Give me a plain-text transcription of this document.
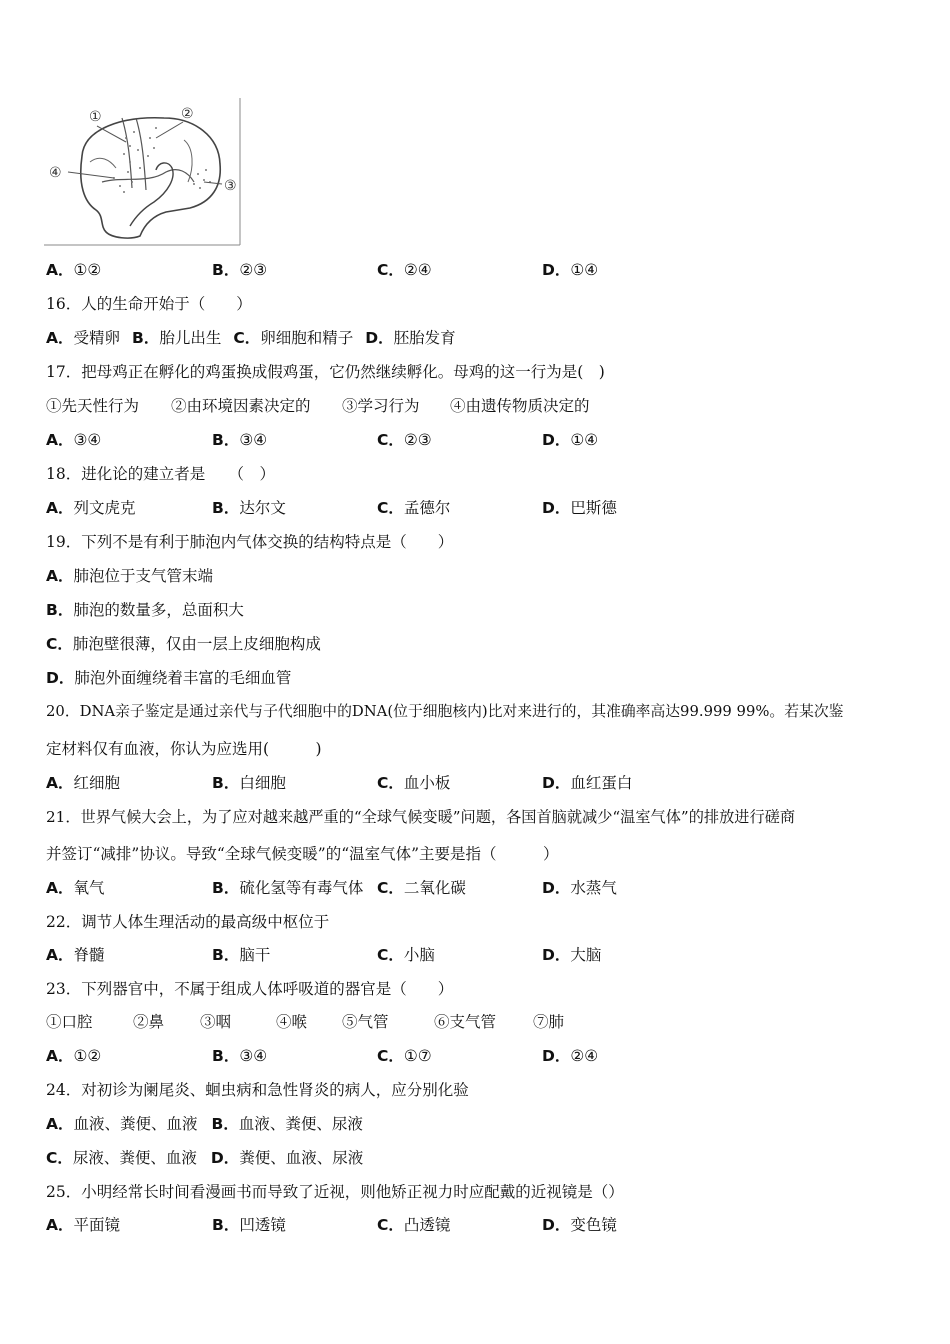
①	②
③
④
A．①②	B．②③	C．②④	D．①④
16．人的生命开始于（　　）
A．受精卵 B．胎儿出生 C．卵细胞和精子 D．胚胎发育
17．把母鸡正在孵化的鸡蛋换成假鸡蛋，它仍然继续孵化。母鸡的这一行为是(　)
①先天性行为 ②由环境因素决定的 ③学习行为 ④由遗传物质决定的
A．③④	B．③④	C．②③	D．①④
18．进化论的建立者是　　（　）
A．列文虎克	B．达尔文	C．孟德尔	D．巴斯德
19．下列不是有利于肺泡内气体交换的结构特点是（　　）
A．肺泡位于支气管末端
B．肺泡的数量多，总面积大
C．肺泡壁很薄，仅由一层上皮细胞构成
D．肺泡外面缠绕着丰富的毛细血管
20．DNA亲子鉴定是通过亲代与子代细胞中的DNA(位于细胞核内)比对来进行的，其准确率高达99.999 99%。若某次鉴
定材料仅有血液，你认为应选用(　　　)
A．红细胞	B．白细胞	C．血小板	D．血红蛋白
21．世界气候大会上，为了应对越来越严重的“全球气候变暖”问题，各国首脑就减少“温室气体”的排放进行磋商
并签订“减排”协议。导致“全球气候变暖”的“温室气体”主要是指（　　　）
A．氧气	B．硫化氢等有毒气体 C．二氧化碳	D．水蒸气
22．调节人体生理活动的最高级中枢位于
A．脊髓	B．脑干	C．小脑	D．大脑
23．下列器官中，不属于组成人体呼吸道的器官是（　　）
①口腔	②鼻 ③咽	④喉 ⑤气管	⑥支气管 ⑦肺
A．①②	B．③④	C．①⑦	D．②④
24．对初诊为阑尾炎、蛔虫病和急性肾炎的病人，应分别化验
A．血液、粪便、血液 B．血液、粪便、尿液
C．尿液、粪便、血液 D．粪便、血液、尿液
25．小明经常长时间看漫画书而导致了近视，则他矫正视力时应配戴的近视镜是（）
A．平面镜	B．凹透镜	C．凸透镜	D．变色镜
